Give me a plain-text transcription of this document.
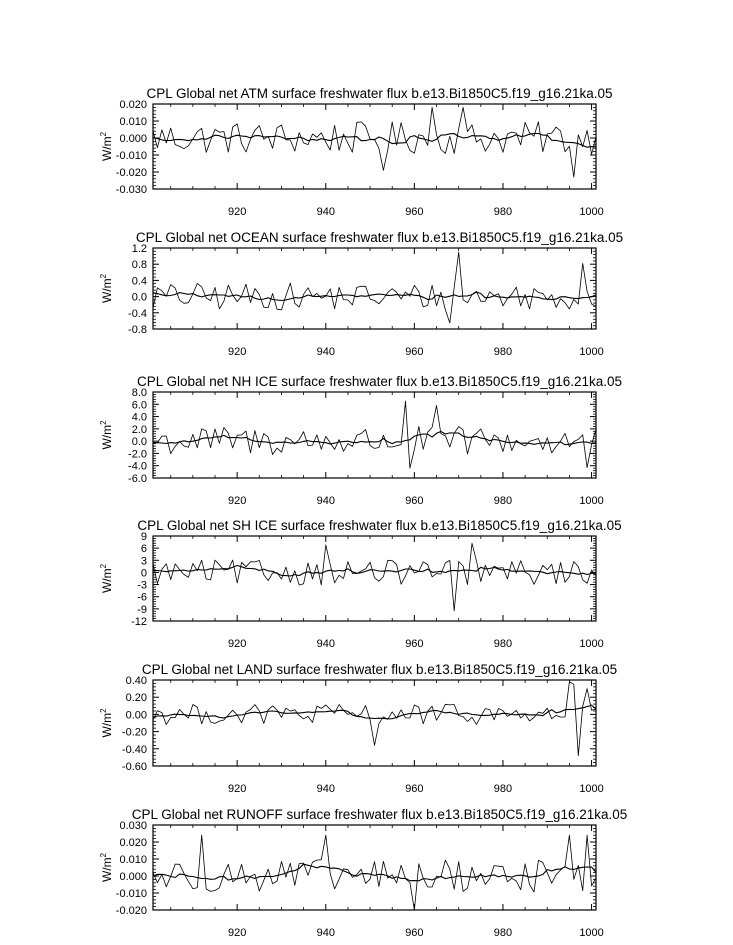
CPL Global net ATM surface freshwater flux b.e13.Bi1850C5.f19_g16.21ka.05
$W/m^2$
-0.030
-0.020
-0.010
0.000
0.010
0.020
920	940	960	980	1000
CPL Global net OCEAN surface freshwater flux b.e13.Bi1850C5.f19_g16.21ka.05
$W/m^2$
-0.8
-0.4
0.0
0.4
0.8
1.2
920	940	960	980	1000
CPL Global net NH ICE surface freshwater flux b.e13.Bi1850C5.f19_g16.21ka.05
$W/m^2$
-6.0
-4.0
-2.0
0.0
2.0
4.0
6.0
8.0
920	940	960	980	1000
CPL Global net SH ICE surface freshwater flux b.e13.Bi1850C5.f19_g16.21ka.05
$W/m^2$
-12
-9
-6
-3
0
3
6
9
920	940	960	980	1000
CPL Global net LAND surface freshwater flux b.e13.Bi1850C5.f19_g16.21ka.05
$W/m^2$
-0.60
-0.40
-0.20
0.00
0.20
0.40
920	940	960	980	1000
CPL Global net RUNOFF surface freshwater flux b.e13.Bi1850C5.f19_g16.21ka.05
$W/m^2$
-0.020
-0.010
0.000
0.010
0.020
0.030
920	940	960	980	1000
